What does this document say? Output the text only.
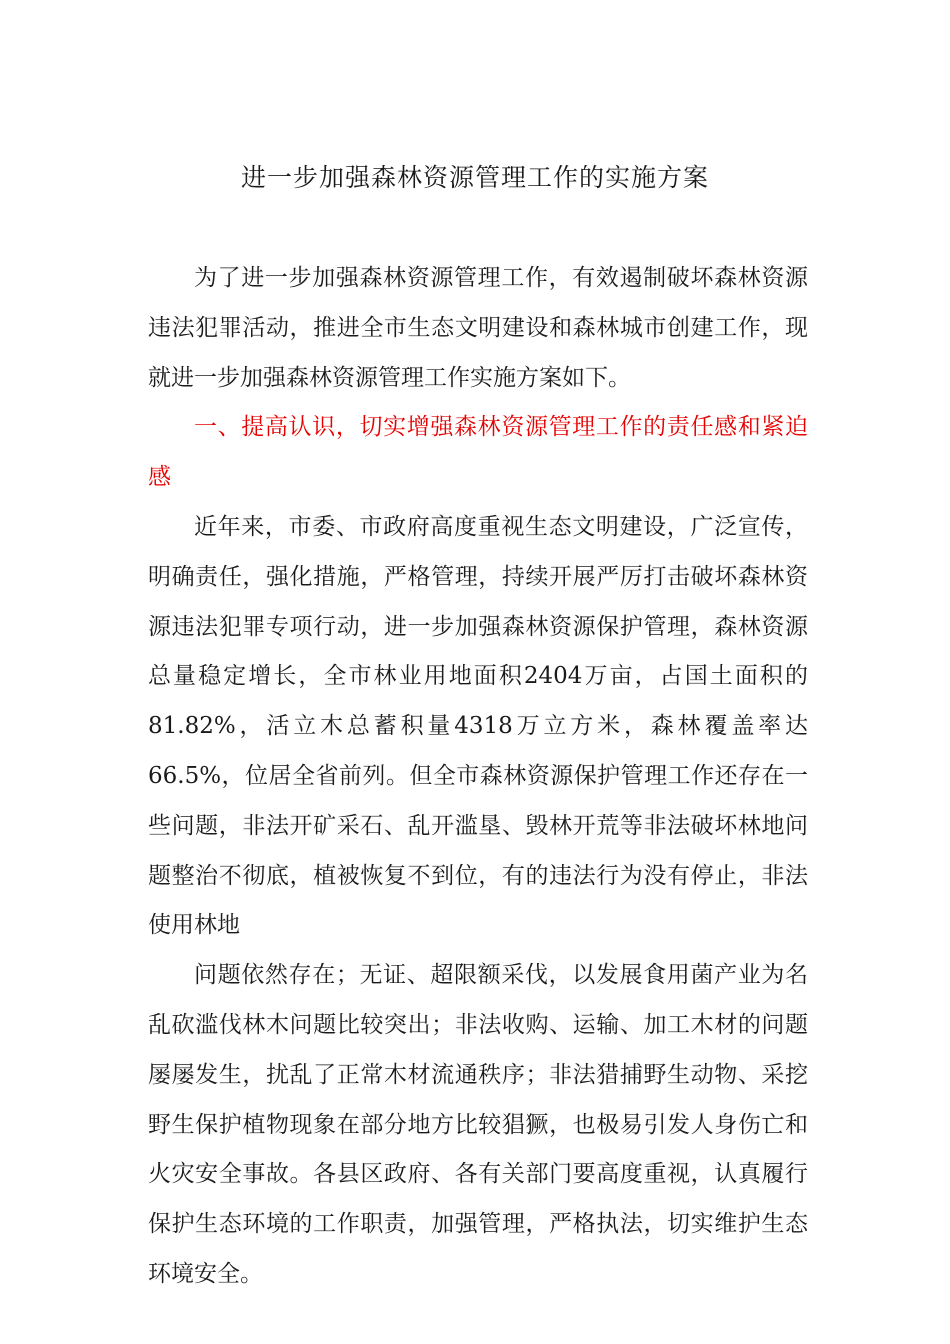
进一步加强森林资源管理工作的实施方案

为了进一步加强森林资源管理工作，有效遏制破坏森林资源违法犯罪活动，推进全市生态文明建设和森林城市创建工作，现就进一步加强森林资源管理工作实施方案如下。

一、提高认识，切实增强森林资源管理工作的责任感和紧迫感

近年来，市委、市政府高度重视生态文明建设，广泛宣传，明确责任，强化措施，严格管理，持续开展严厉打击破坏森林资源违法犯罪专项行动，进一步加强森林资源保护管理，森林资源总量稳定增长，全市林业用地面积2404万亩，占国土面积的81.82%，活立木总蓄积量4318万立方米，森林覆盖率达66.5%，位居全省前列。但全市森林资源保护管理工作还存在一些问题，非法开矿采石、乱开滥垦、毁林开荒等非法破坏林地问题整治不彻底，植被恢复不到位，有的违法行为没有停止，非法使用林地

问题依然存在；无证、超限额采伐，以发展食用菌产业为名乱砍滥伐林木问题比较突出；非法收购、运输、加工木材的问题屡屡发生，扰乱了正常木材流通秩序；非法猎捕野生动物、采挖野生保护植物现象在部分地方比较猖獗，也极易引发人身伤亡和火灾安全事故。各县区政府、各有关部门要高度重视，认真履行保护生态环境的工作职责，加强管理，严格执法，切实维护生态环境安全。
